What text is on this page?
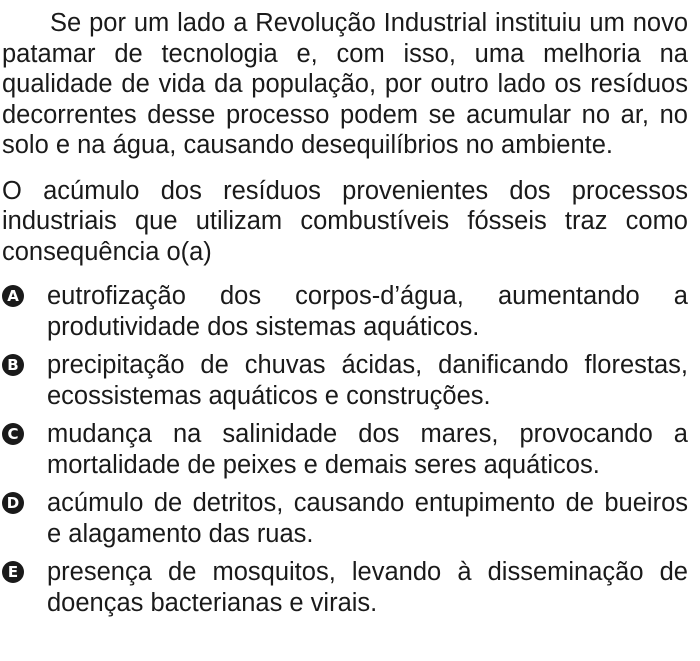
Se por um lado a Revolução Industrial instituiu um novo patamar de tecnologia e, com isso, uma melhoria na qualidade de vida da população, por outro lado os resíduos decorrentes desse processo podem se acumular no ar, no solo e na água, causando desequilíbrios no ambiente.

O acúmulo dos resíduos provenientes dos processos industriais que utilizam combustíveis fósseis traz como consequência o(a)

A eutrofização dos corpos-d’água, aumentando a produtividade dos sistemas aquáticos.
B precipitação de chuvas ácidas, danificando florestas, ecossistemas aquáticos e construções.
C mudança na salinidade dos mares, provocando a mortalidade de peixes e demais seres aquáticos.
D acúmulo de detritos, causando entupimento de bueiros e alagamento das ruas.
E presença de mosquitos, levando à disseminação de doenças bacterianas e virais.
